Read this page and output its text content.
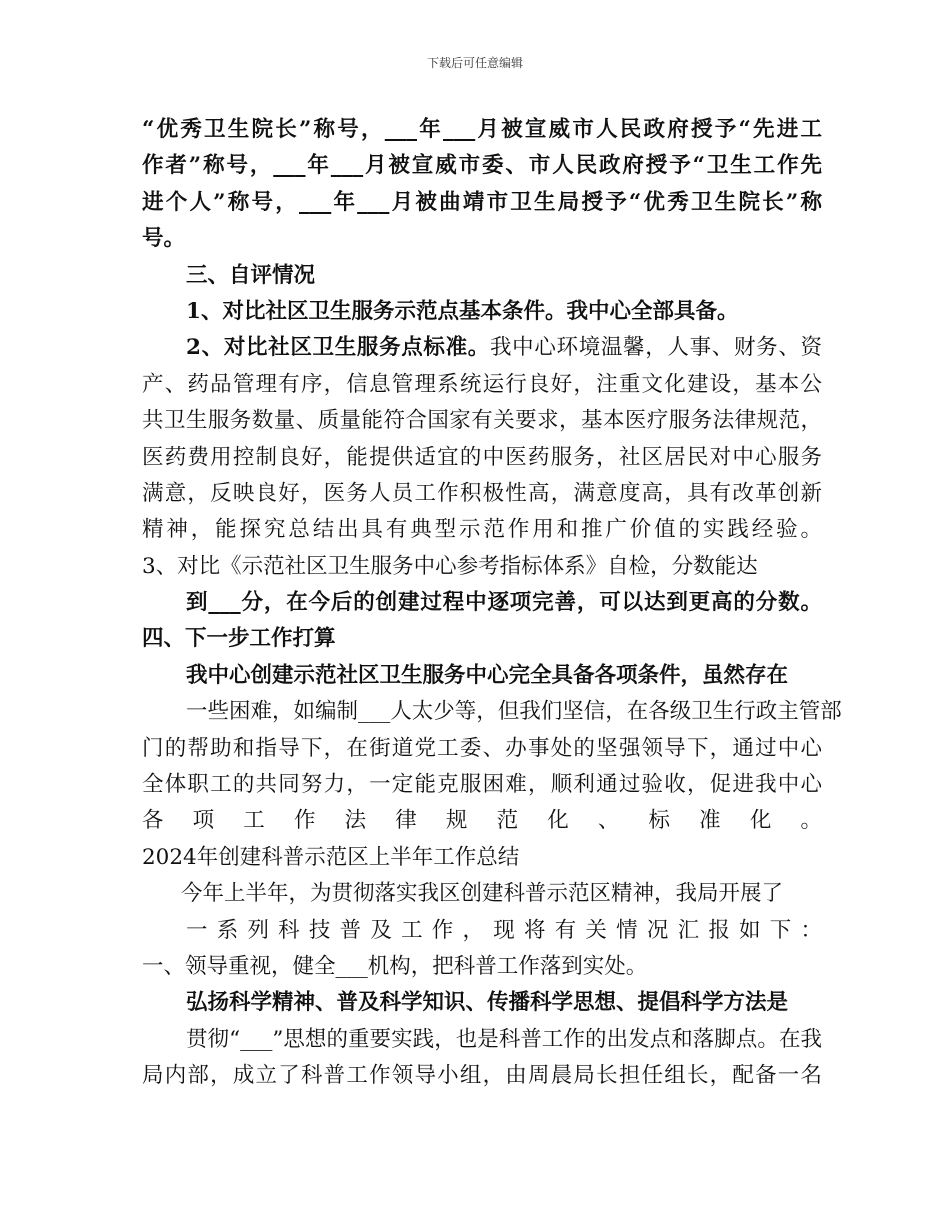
下载后可任意编辑
“优秀卫生院长”称号，___年___月被宣威市人民政府授予“先进工
作者”称号，___年___月被宣威市委、市人民政府授予“卫生工作先
进个人”称号，___年___月被曲靖市卫生局授予“优秀卫生院长”称
号。
三、自评情况
1、对比社区卫生服务示范点基本条件。我中心全部具备。
2、对比社区卫生服务点标准。我中心环境温馨，人事、财务、资
产、药品管理有序，信息管理系统运行良好，注重文化建设，基本公
共卫生服务数量、质量能符合国家有关要求，基本医疗服务法律规范，
医药费用控制良好，能提供适宜的中医药服务，社区居民对中心服务
满意，反映良好，医务人员工作积极性高，满意度高，具有改革创新
精神，能探究总结出具有典型示范作用和推广价值的实践经验。
3、对比《示范社区卫生服务中心参考指标体系》自检，分数能达
到___分，在今后的创建过程中逐项完善，可以达到更高的分数。
四、下一步工作打算
我中心创建示范社区卫生服务中心完全具备各项条件，虽然存在
一些困难，如编制___人太少等，但我们坚信，在各级卫生行政主管部
门的帮助和指导下，在街道党工委、办事处的坚强领导下，通过中心
全体职工的共同努力，一定能克服困难，顺利通过验收，促进我中心
各项工作法律规范化、标准化。
2024年创建科普示范区上半年工作总结
今年上半年，为贯彻落实我区创建科普示范区精神，我局开展了
一系列科技普及工作，现将有关情况汇报如下：
一、领导重视，健全___机构，把科普工作落到实处。
弘扬科学精神、普及科学知识、传播科学思想、提倡科学方法是
贯彻“___”思想的重要实践，也是科普工作的出发点和落脚点。在我
局内部，成立了科普工作领导小组，由周晨局长担任组长，配备一名
